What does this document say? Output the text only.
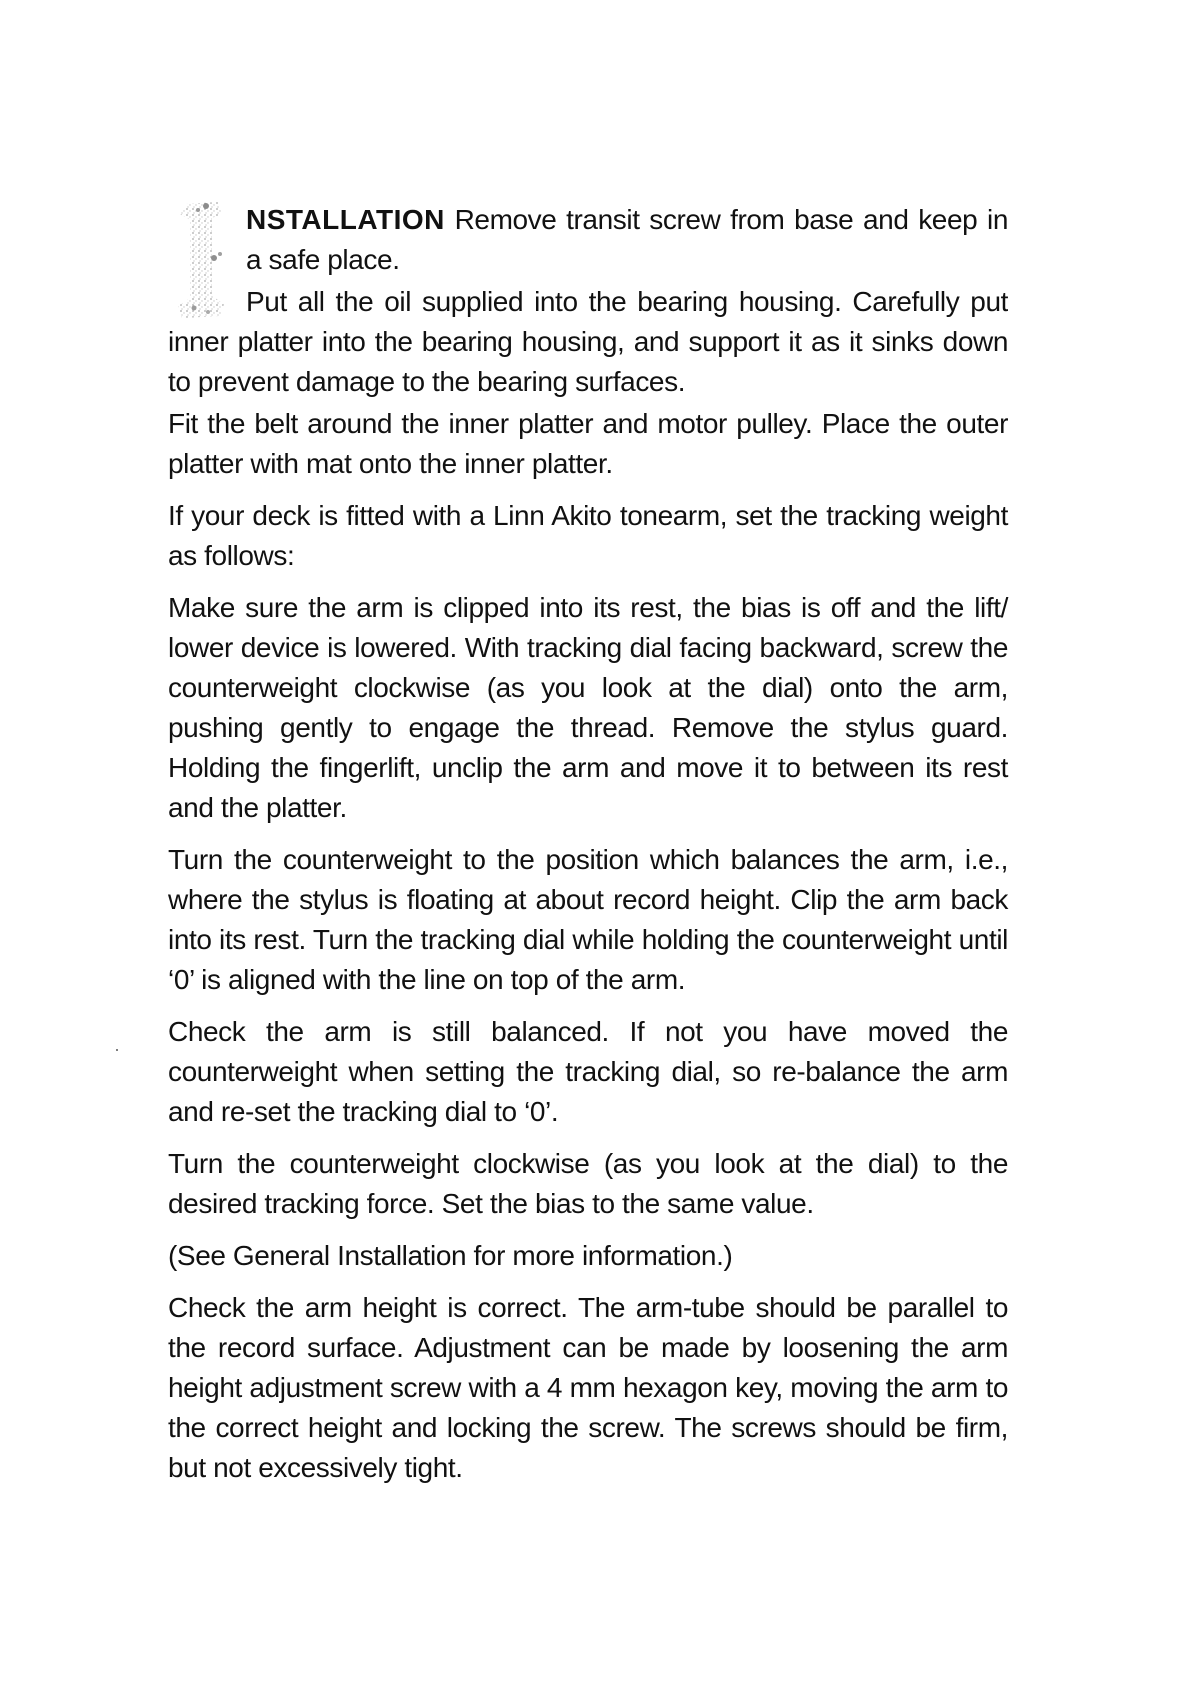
NSTALLATION Remove transit screw from base and keep in a safe place.

Put all the oil supplied into the bearing housing. Carefully put inner platter into the bearing housing, and support it as it sinks down to prevent damage to the bearing surfaces.

Fit the belt around the inner platter and motor pulley. Place the outer platter with mat onto the inner platter.

If your deck is fitted with a Linn Akito tonearm, set the tracking weight as follows:

Make sure the arm is clipped into its rest, the bias is off and the lift/ lower device is lowered. With tracking dial facing backward, screw the counterweight clockwise (as you look at the dial) onto the arm, pushing gently to engage the thread. Remove the stylus guard. Holding the fingerlift, unclip the arm and move it to between its rest and the platter.

Turn the counterweight to the position which balances the arm, i.e., where the stylus is floating at about record height. Clip the arm back into its rest. Turn the tracking dial while holding the counterweight until ‘0’ is aligned with the line on top of the arm.

Check the arm is still balanced. If not you have moved the counterweight when setting the tracking dial, so re-balance the arm and re-set the tracking dial to ‘0’.

Turn the counterweight clockwise (as you look at the dial) to the desired tracking force. Set the bias to the same value.

(See General Installation for more information.)

Check the arm height is correct. The arm-tube should be parallel to the record surface. Adjustment can be made by loosening the arm height adjustment screw with a 4 mm hexagon key, moving the arm to the correct height and locking the screw. The screws should be firm, but not excessively tight.
